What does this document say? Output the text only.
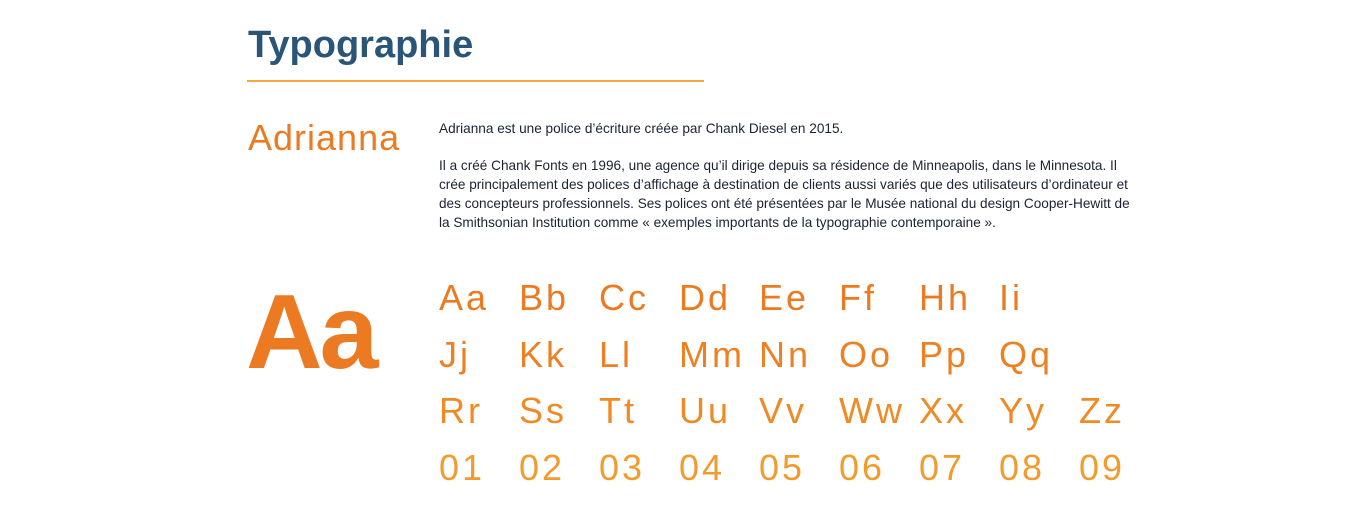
Typographie
Adrianna	Adrianna est une police d’écriture créée par Chank Diesel en 2015.

Il a créé Chank Fonts en 1996, une agence qu’il dirige depuis sa résidence de Minneapolis, dans le Minnesota. Il crée principalement des polices d’affichage à destination de clients aussi variés que des utilisateurs d’ordinateur et des concepteurs professionnels. Ses polices ont été présentées par le Musée national du design Cooper-Hewitt de la Smithsonian Institution comme « exemples importants de la typographie contemporaine ».

Aa Aa Bb Cc Dd Ee Ff	Hh Ii
Jj	Kk Ll	Mm Nn Oo Pp Qq
Rr	Ss Tt	Uu Vv Ww Xx Yy Zz
01 02 03 04 05 06 07 08 09
